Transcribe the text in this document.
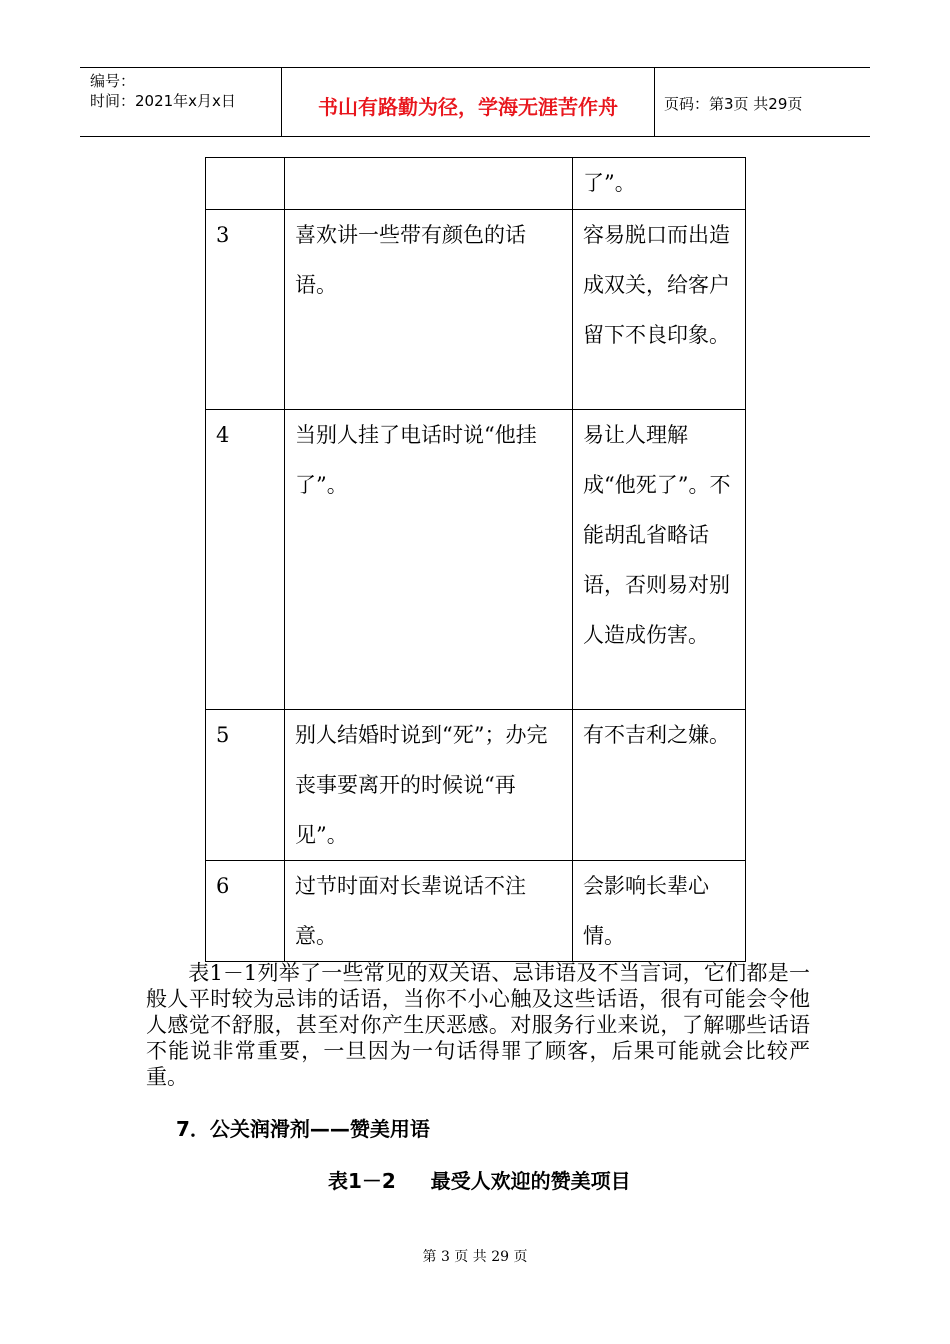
编号：
时间：2021年x月x日	书山有路勤为径，学海无涯苦作舟	页码：第3页 共29页
		了”。
3	喜欢讲一些带有颜色的话语。	容易脱口而出造成双关，给客户留下不良印象。
4	当别人挂了电话时说“他挂了”。	易让人理解成“他死了”。不能胡乱省略话语，否则易对别人造成伤害。
5	别人结婚时说到“死”；办完丧事要离开的时候说“再见”。	有不吉利之嫌。
6	过节时面对长辈说话不注意。	会影响长辈心情。
表1－1列举了一些常见的双关语、忌讳语及不当言词，它们都是一般人平时较为忌讳的话语，当你不小心触及这些话语，很有可能会令他人感觉不舒服，甚至对你产生厌恶感。对服务行业来说，了解哪些话语不能说非常重要，一旦因为一句话得罪了顾客，后果可能就会比较严重。
7．公关润滑剂——赞美用语
表1－2     最受人欢迎的赞美项目
第 3 页 共 29 页
